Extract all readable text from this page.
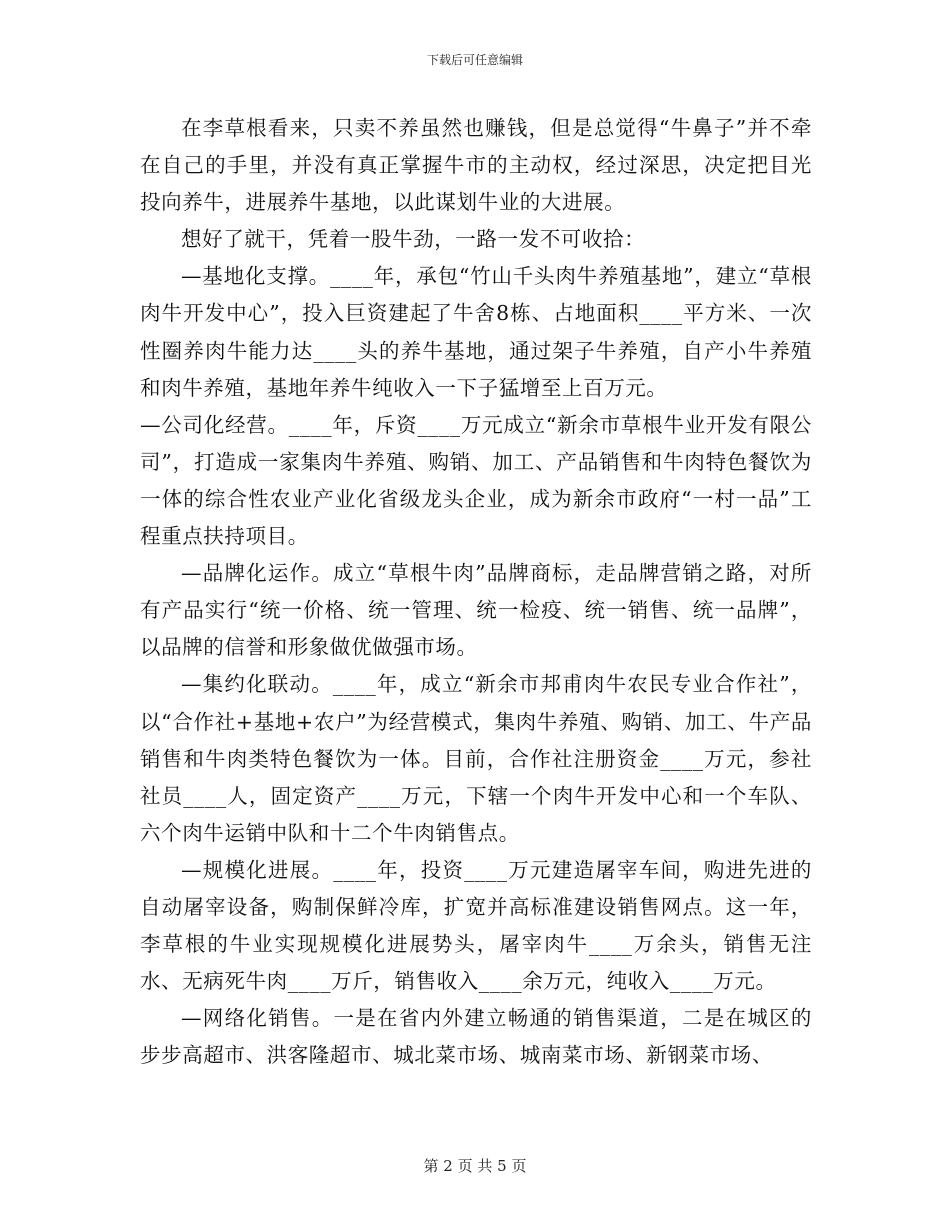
下载后可任意编辑

在李草根看来，只卖不养虽然也赚钱，但是总觉得“牛鼻子”并不牵在自己的手里，并没有真正掌握牛市的主动权，经过深思，决定把目光投向养牛，进展养牛基地，以此谋划牛业的大进展。

想好了就干，凭着一股牛劲，一路一发不可收拾：

—基地化支撑。____年，承包“竹山千头肉牛养殖基地”，建立“草根肉牛开发中心”，投入巨资建起了牛舍8栋、占地面积____平方米、一次性圈养肉牛能力达____头的养牛基地，通过架子牛养殖，自产小牛养殖和肉牛养殖，基地年养牛纯收入一下子猛增至上百万元。

—公司化经营。____年，斥资____万元成立“新余市草根牛业开发有限公司”，打造成一家集肉牛养殖、购销、加工、产品销售和牛肉特色餐饮为一体的综合性农业产业化省级龙头企业，成为新余市政府“一村一品”工程重点扶持项目。

—品牌化运作。成立“草根牛肉”品牌商标，走品牌营销之路，对所有产品实行“统一价格、统一管理、统一检疫、统一销售、统一品牌”，以品牌的信誉和形象做优做强市场。

—集约化联动。____年，成立“新余市邦甫肉牛农民专业合作社”，以“合作社+基地+农户”为经营模式，集肉牛养殖、购销、加工、牛产品销售和牛肉类特色餐饮为一体。目前，合作社注册资金____万元，参社社员____人，固定资产____万元，下辖一个肉牛开发中心和一个车队、六个肉牛运销中队和十二个牛肉销售点。

—规模化进展。____年，投资____万元建造屠宰车间，购进先进的自动屠宰设备，购制保鲜冷库，扩宽并高标准建设销售网点。这一年，李草根的牛业实现规模化进展势头，屠宰肉牛____万余头，销售无注水、无病死牛肉____万斤，销售收入____余万元，纯收入____万元。

—网络化销售。一是在省内外建立畅通的销售渠道，二是在城区的步步高超市、洪客隆超市、城北菜市场、城南菜市场、新钢菜市场、

第 2 页 共 5 页
